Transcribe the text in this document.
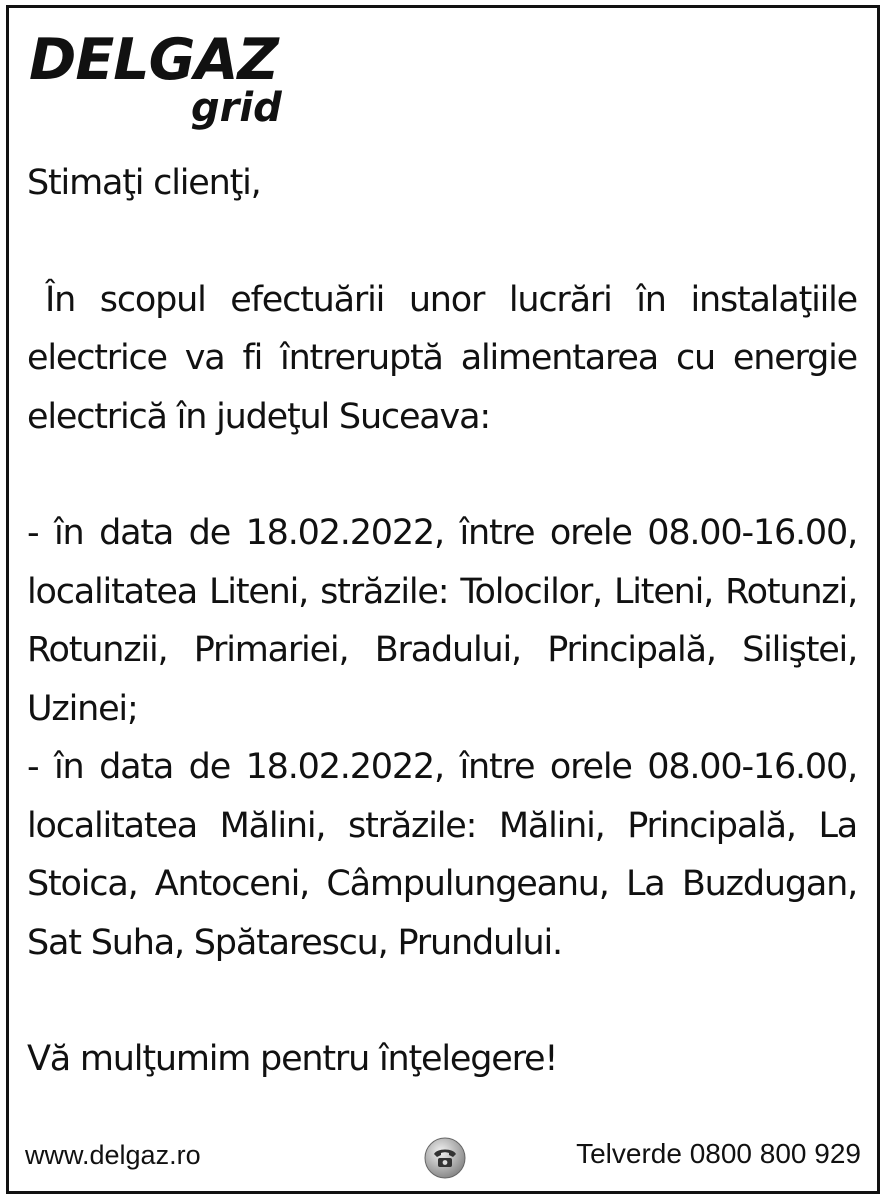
DELGAZ
grid

Stimaţi clienţi,

În scopul efectuării unor lucrări în instalaţiile electrice va fi întreruptă alimentarea cu energie electrică în judeţul Suceava:

- în data de 18.02.2022, între orele 08.00-16.00, localitatea Liteni, străzile: Tolocilor, Liteni, Rotunzi, Rotunzii, Primariei, Bradului, Principală, Siliştei, Uzinei;

- în data de 18.02.2022, între orele 08.00-16.00, localitatea Mălini, străzile: Mălini, Principală, La Stoica, Antoceni, Câmpulungeanu, La Buzdugan, Sat Suha, Spătarescu, Prundului.

Vă mulţumim pentru înţelegere!

www.delgaz.ro	Telverde 0800 800 929
